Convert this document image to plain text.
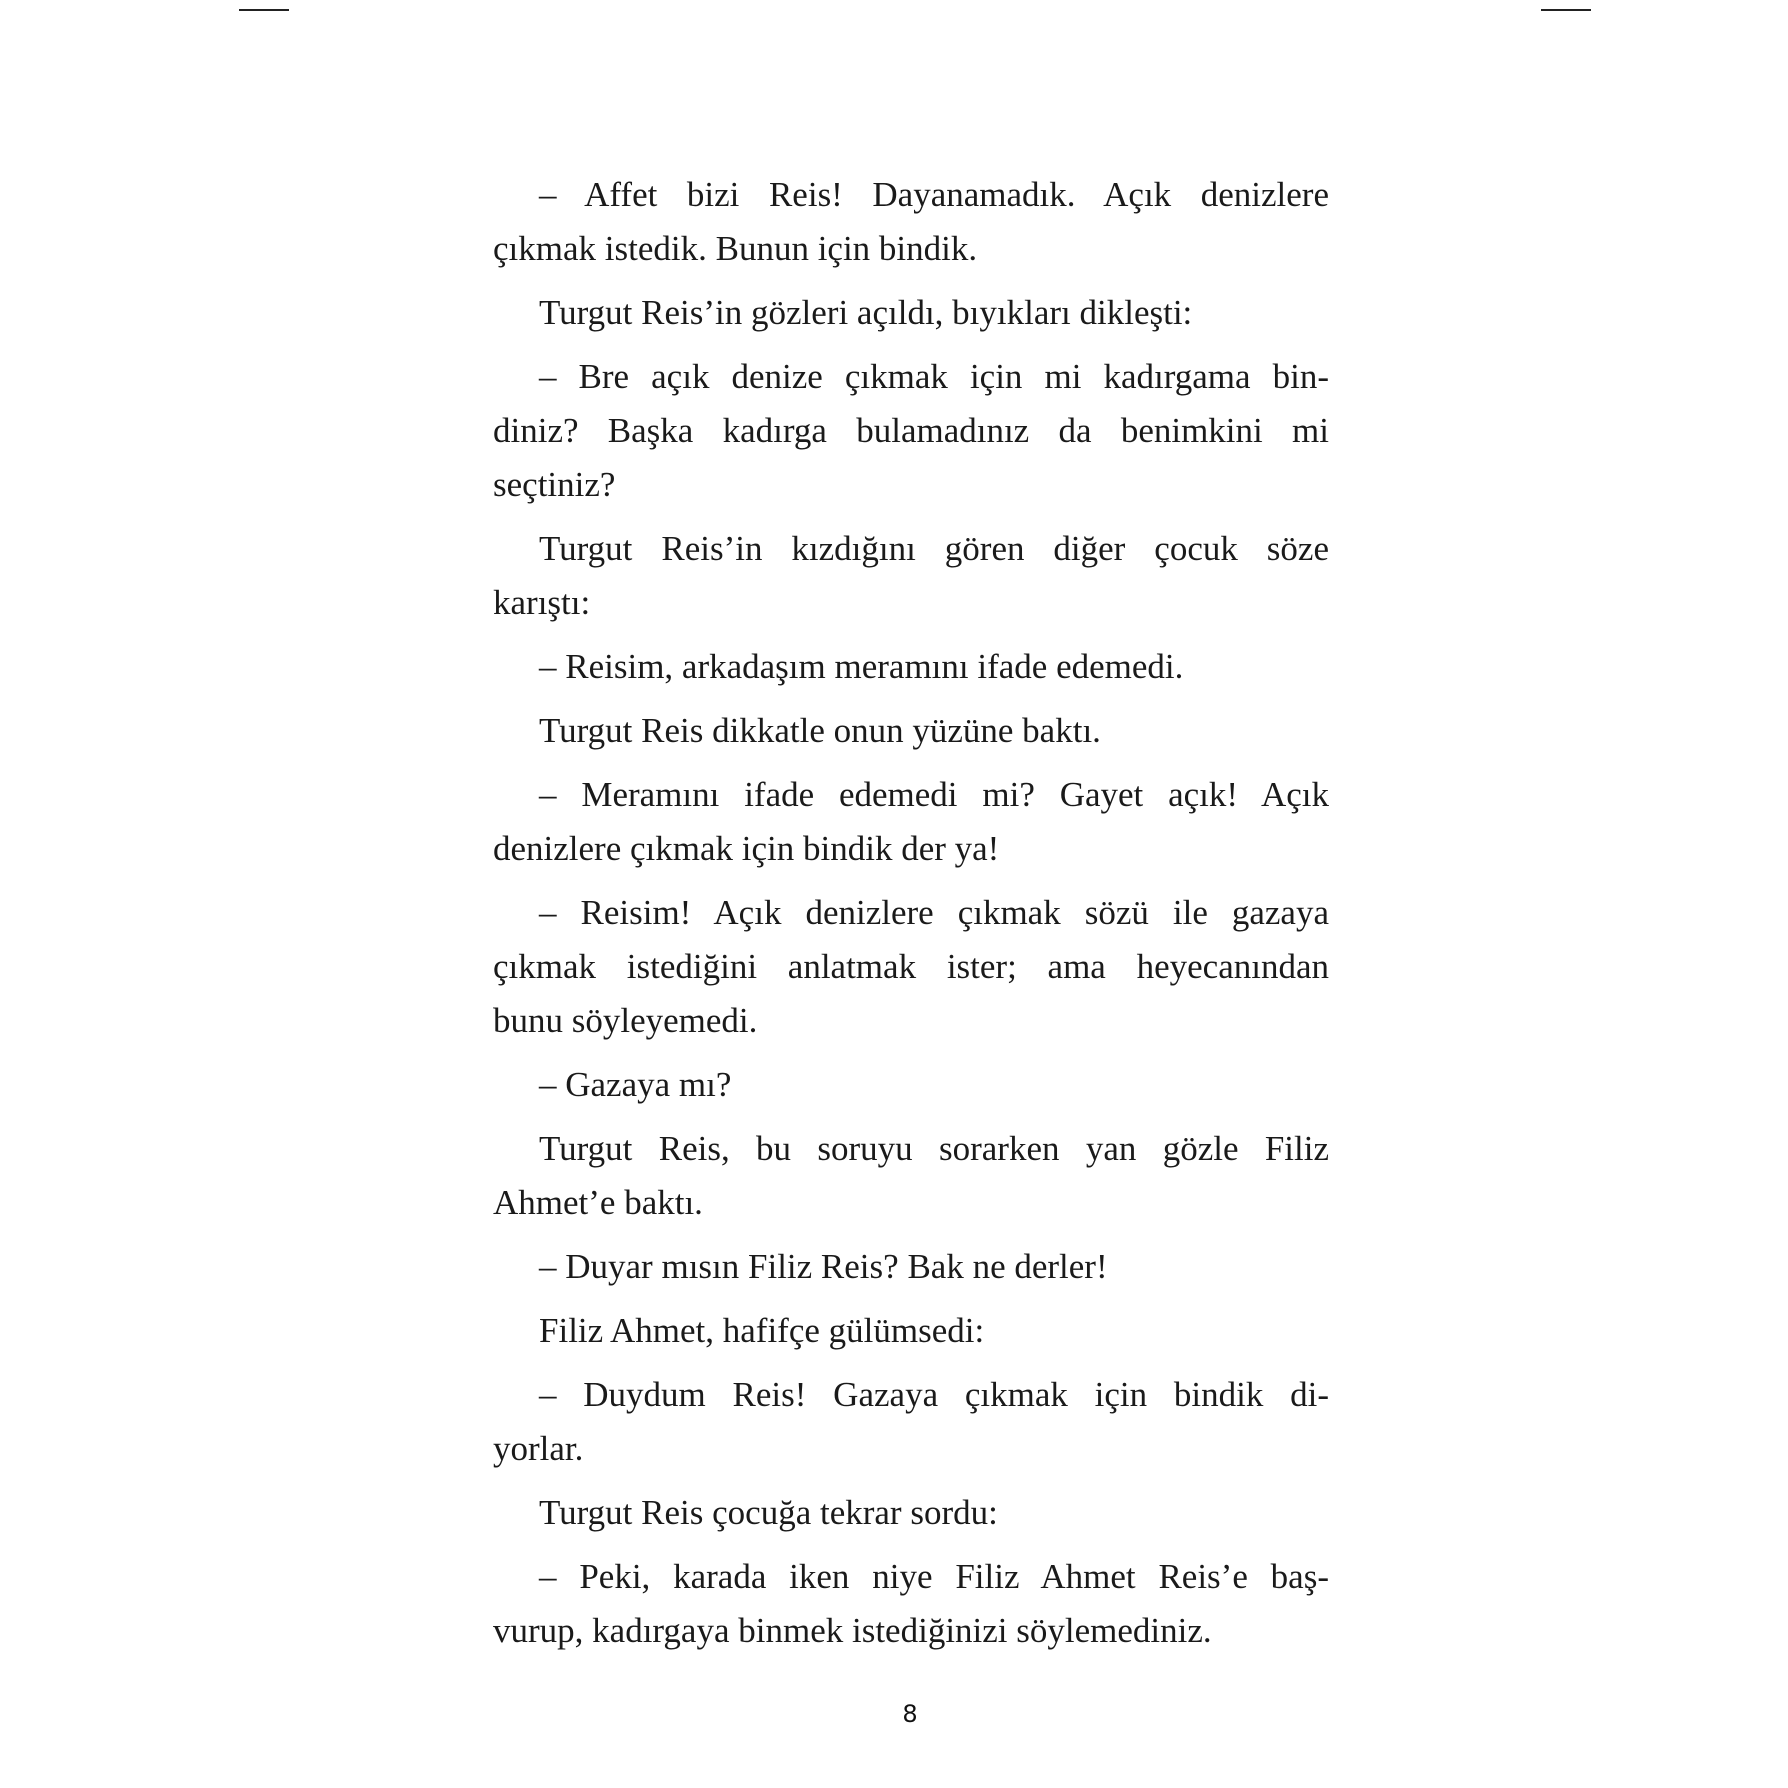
– Affet bizi Reis! Dayanamadık. Açık denizlere
çıkmak istedik. Bunun için bindik.
Turgut Reis’in gözleri açıldı, bıyıkları dikleşti:
– Bre açık denize çıkmak için mi kadırgama bin-
diniz? Başka kadırga bulamadınız da benimkini mi
seçtiniz?
Turgut Reis’in kızdığını gören diğer çocuk söze
karıştı:
– Reisim, arkadaşım meramını ifade edemedi.
Turgut Reis dikkatle onun yüzüne baktı.
– Meramını ifade edemedi mi? Gayet açık! Açık
denizlere çıkmak için bindik der ya!
– Reisim! Açık denizlere çıkmak sözü ile gazaya
çıkmak istediğini anlatmak ister; ama heyecanından
bunu söyleyemedi.
– Gazaya mı?
Turgut Reis, bu soruyu sorarken yan gözle Filiz
Ahmet’e baktı.
– Duyar mısın Filiz Reis? Bak ne derler!
Filiz Ahmet, hafifçe gülümsedi:
– Duydum Reis! Gazaya çıkmak için bindik di-
yorlar.
Turgut Reis çocuğa tekrar sordu:
– Peki, karada iken niye Filiz Ahmet Reis’e baş-
vurup, kadırgaya binmek istediğinizi söylemediniz.
8
